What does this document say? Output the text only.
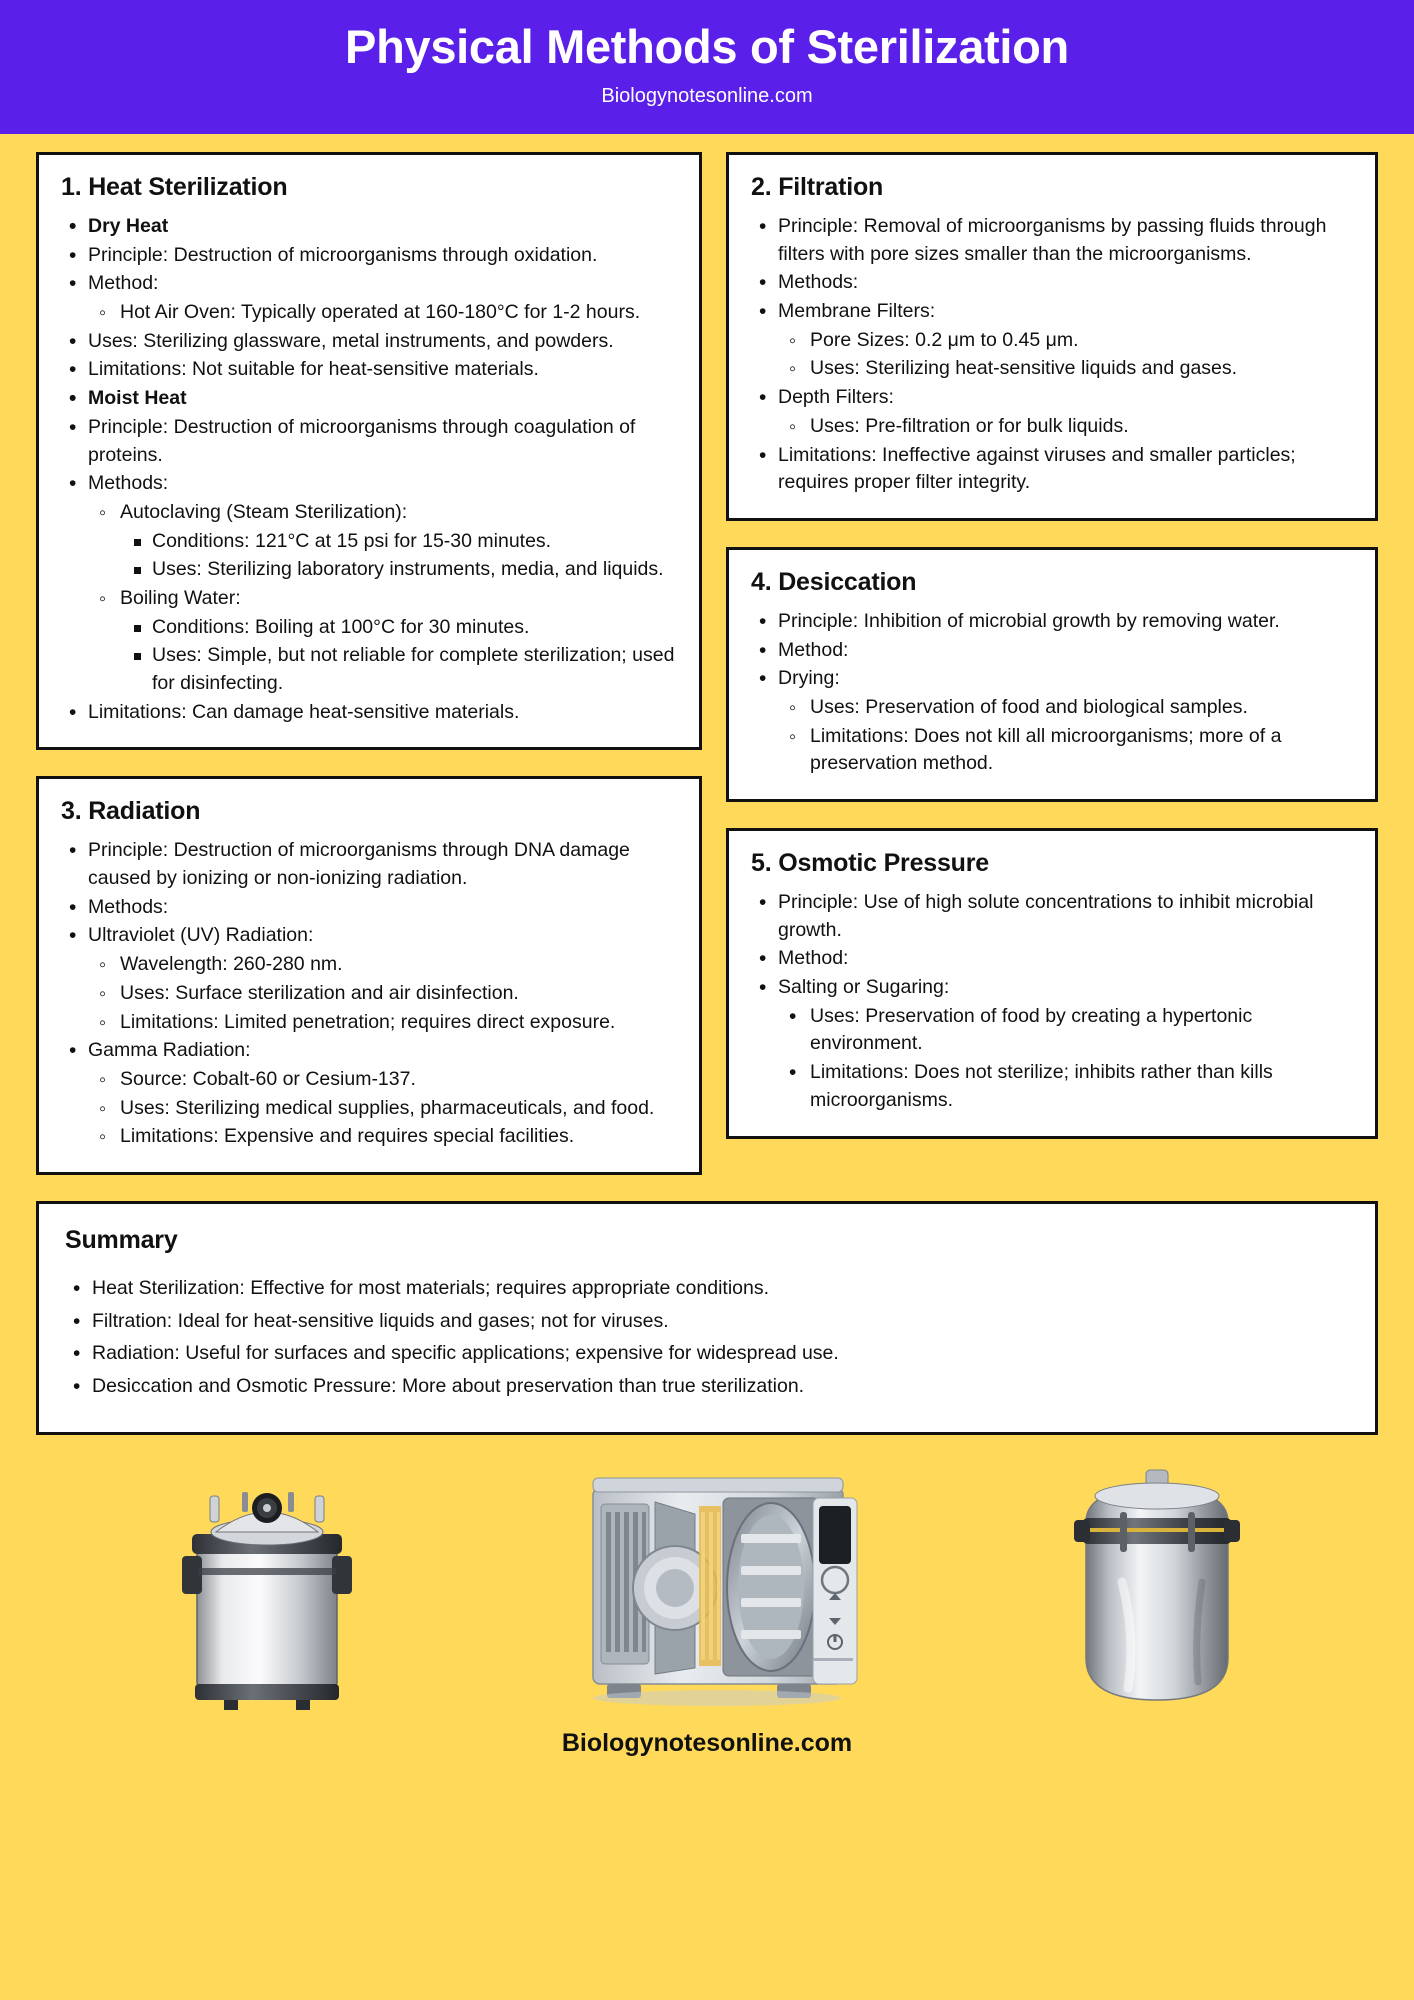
Physical Methods of Sterilization
Biologynotesonline.com
1. Heat Sterilization
• Dry Heat
• Principle: Destruction of microorganisms through oxidation.
• Method:
◦ Hot Air Oven: Typically operated at 160-180°C for 1-2 hours.
• Uses: Sterilizing glassware, metal instruments, and powders.
• Limitations: Not suitable for heat-sensitive materials.
• Moist Heat
• Principle: Destruction of microorganisms through coagulation of proteins.
• Methods:
◦ Autoclaving (Steam Sterilization):
Conditions: 121°C at 15 psi for 15-30 minutes.
Uses: Sterilizing laboratory instruments, media, and liquids.
◦ Boiling Water:
Conditions: Boiling at 100°C for 30 minutes.
Uses: Simple, but not reliable for complete sterilization; used for disinfecting.
• Limitations: Can damage heat-sensitive materials.
3. Radiation
• Principle: Destruction of microorganisms through DNA damage caused by ionizing or non-ionizing radiation.
• Methods:
• Ultraviolet (UV) Radiation:
◦ Wavelength: 260-280 nm.
◦ Uses: Surface sterilization and air disinfection.
◦ Limitations: Limited penetration; requires direct exposure.
• Gamma Radiation:
◦ Source: Cobalt-60 or Cesium-137.
◦ Uses: Sterilizing medical supplies, pharmaceuticals, and food.
◦ Limitations: Expensive and requires special facilities.
2. Filtration
• Principle: Removal of microorganisms by passing fluids through filters with pore sizes smaller than the microorganisms.
• Methods:
• Membrane Filters:
◦ Pore Sizes: 0.2 μm to 0.45 μm.
◦ Uses: Sterilizing heat-sensitive liquids and gases.
• Depth Filters:
◦ Uses: Pre-filtration or for bulk liquids.
• Limitations: Ineffective against viruses and smaller particles; requires proper filter integrity.
4. Desiccation
• Principle: Inhibition of microbial growth by removing water.
• Method:
• Drying:
◦ Uses: Preservation of food and biological samples.
◦ Limitations: Does not kill all microorganisms; more of a preservation method.
5. Osmotic Pressure
• Principle: Use of high solute concentrations to inhibit microbial growth.
• Method:
• Salting or Sugaring:
• Uses: Preservation of food by creating a hypertonic environment.
• Limitations: Does not sterilize; inhibits rather than kills microorganisms.
Summary
• Heat Sterilization: Effective for most materials; requires appropriate conditions.
• Filtration: Ideal for heat-sensitive liquids and gases; not for viruses.
• Radiation: Useful for surfaces and specific applications; expensive for widespread use.
• Desiccation and Osmotic Pressure: More about preservation than true sterilization.
Biologynotesonline.com
